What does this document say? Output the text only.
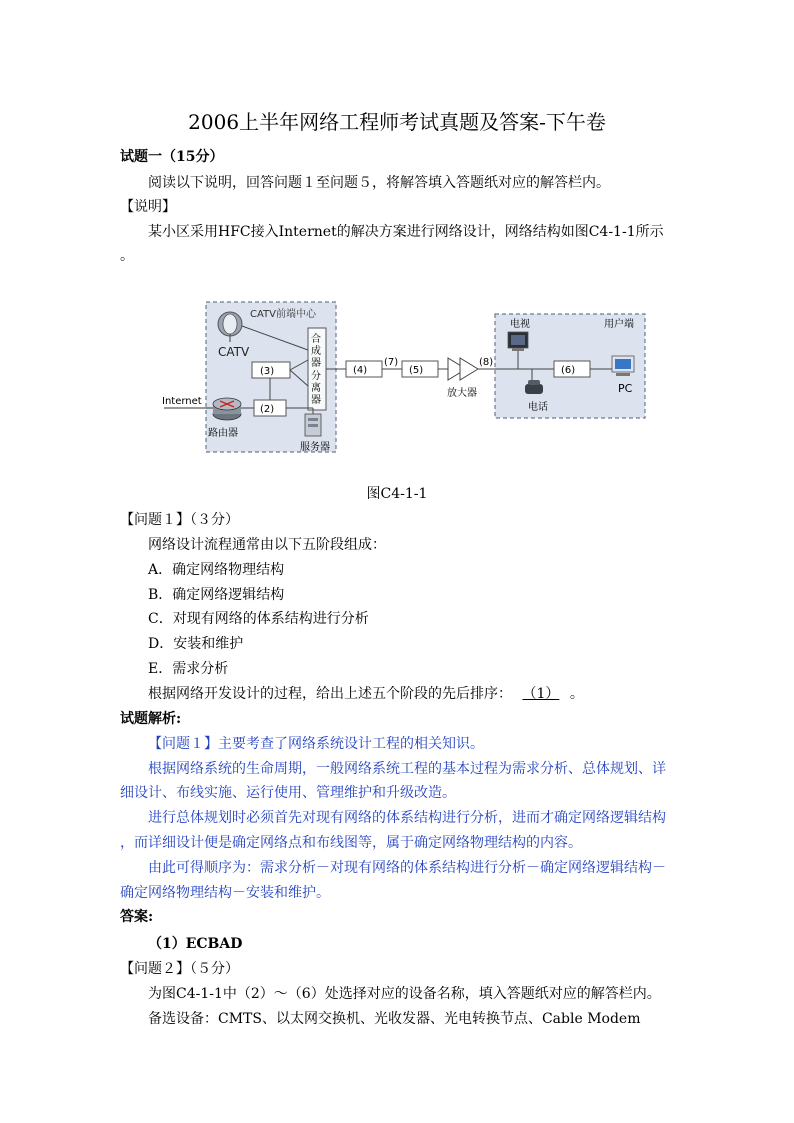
2006上半年网络工程师考试真题及答案-下午卷
试题一（15分）
阅读以下说明，回答问题１至问题５，将解答填入答题纸对应的解答栏内。
【说明】
某小区采用HFC接入Internet的解决方案进行网络设计，网络结构如图C4-1-1所示
。
CATV前端中心
CATV
合
成
器
分
离
器
(3)
(2)
路由器
服务器
Internet
(4)
(7)
(5)
放大器
(8)
电视	用户端
(6)
电话
PC
图C4-1-1
【问题１】（３分）
网络设计流程通常由以下五阶段组成：
A．确定网络物理结构
B．确定网络逻辑结构
C．对现有网络的体系结构进行分析
D．安装和维护
E．需求分析
根据网络开发设计的过程，给出上述五个阶段的先后排序： （1） 。
试题解析:
【问题１】主要考查了网络系统设计工程的相关知识。
根据网络系统的生命周期，一般网络系统工程的基本过程为需求分析、总体规划、详
细设计、布线实施、运行使用、管理维护和升级改造。
进行总体规划时必须首先对现有网络的体系结构进行分析，进而才确定网络逻辑结构
，而详细设计便是确定网络点和布线图等，属于确定网络物理结构的内容。
由此可得顺序为：需求分析－对现有网络的体系结构进行分析－确定网络逻辑结构－
确定网络物理结构－安装和维护。
答案:
（1）ECBAD
【问题２】（５分）
为图C4-1-1中（2）～（6）处选择对应的设备名称，填入答题纸对应的解答栏内。
备选设备：CMTS、以太网交换机、光收发器、光电转换节点、Cable Modem
